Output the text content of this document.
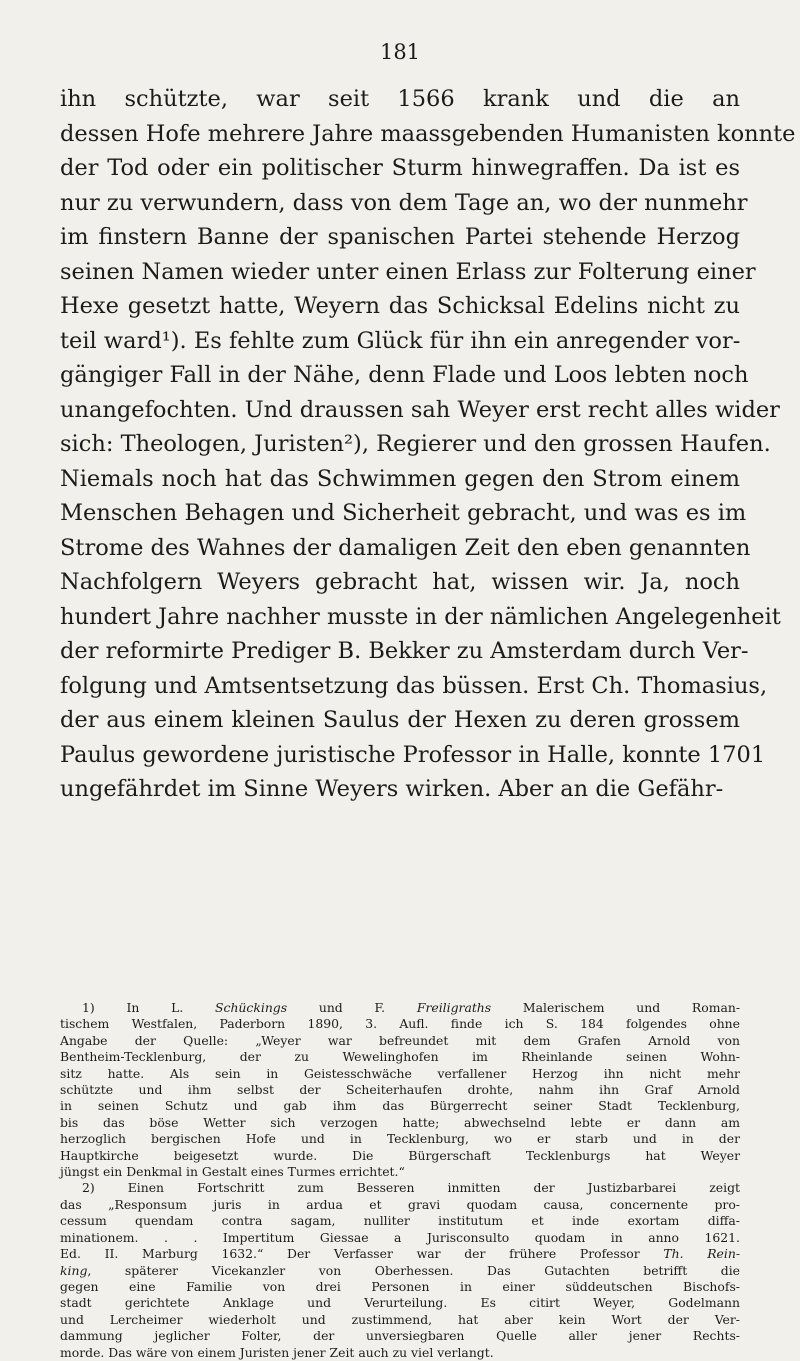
181
ihn schützte, war seit 1566 krank und die an
dessen Hofe mehrere Jahre maassgebenden Humanisten konnte
der Tod oder ein politischer Sturm hinwegraffen. Da ist es
nur zu verwundern, dass von dem Tage an, wo der nunmehr
im finstern Banne der spanischen Partei stehende Herzog
seinen Namen wieder unter einen Erlass zur Folterung einer
Hexe gesetzt hatte, Weyern das Schicksal Edelins nicht zu
teil ward¹). Es fehlte zum Glück für ihn ein anregender vor-
gängiger Fall in der Nähe, denn Flade und Loos lebten noch
unangefochten. Und draussen sah Weyer erst recht alles wider
sich: Theologen, Juristen²), Regierer und den grossen Haufen.
Niemals noch hat das Schwimmen gegen den Strom einem
Menschen Behagen und Sicherheit gebracht, und was es im
Strome des Wahnes der damaligen Zeit den eben genannten
Nachfolgern Weyers gebracht hat, wissen wir. Ja, noch
hundert Jahre nachher musste in der nämlichen Angelegenheit
der reformirte Prediger B. Bekker zu Amsterdam durch Ver-
folgung und Amtsentsetzung das büssen. Erst Ch. Thomasius,
der aus einem kleinen Saulus der Hexen zu deren grossem
Paulus gewordene juristische Professor in Halle, konnte 1701
ungefährdet im Sinne Weyers wirken. Aber an die Gefähr-
1) In L. Schückings und F. Freiligraths Malerischem und Roman-
tischem Westfalen, Paderborn 1890, 3. Aufl. finde ich S. 184 folgendes ohne
Angabe der Quelle: „Weyer war befreundet mit dem Grafen Arnold von
Bentheim-Tecklenburg, der zu Wewelinghofen im Rheinlande seinen Wohn-
sitz hatte. Als sein in Geistesschwäche verfallener Herzog ihn nicht mehr
schützte und ihm selbst der Scheiterhaufen drohte, nahm ihn Graf Arnold
in seinen Schutz und gab ihm das Bürgerrecht seiner Stadt Tecklenburg,
bis das böse Wetter sich verzogen hatte; abwechselnd lebte er dann am
herzoglich bergischen Hofe und in Tecklenburg, wo er starb und in der
Hauptkirche beigesetzt wurde. Die Bürgerschaft Tecklenburgs hat Weyer
jüngst ein Denkmal in Gestalt eines Turmes errichtet.“
2) Einen Fortschritt zum Besseren inmitten der Justizbarbarei zeigt
das „Responsum juris in ardua et gravi quodam causa, concernente pro-
cessum quendam contra sagam, nulliter institutum et inde exortam diffa-
minationem. . . Impertitum Giessae a Jurisconsulto quodam in anno 1621.
Ed. II. Marburg 1632.“ Der Verfasser war der frühere Professor Th. Rein-
king, späterer Vicekanzler von Oberhessen. Das Gutachten betrifft die
gegen eine Familie von drei Personen in einer süddeutschen Bischofs-
stadt gerichtete Anklage und Verurteilung. Es citirt Weyer, Godelmann
und Lercheimer wiederholt und zustimmend, hat aber kein Wort der Ver-
dammung jeglicher Folter, der unversiegbaren Quelle aller jener Rechts-
morde. Das wäre von einem Juristen jener Zeit auch zu viel verlangt.
